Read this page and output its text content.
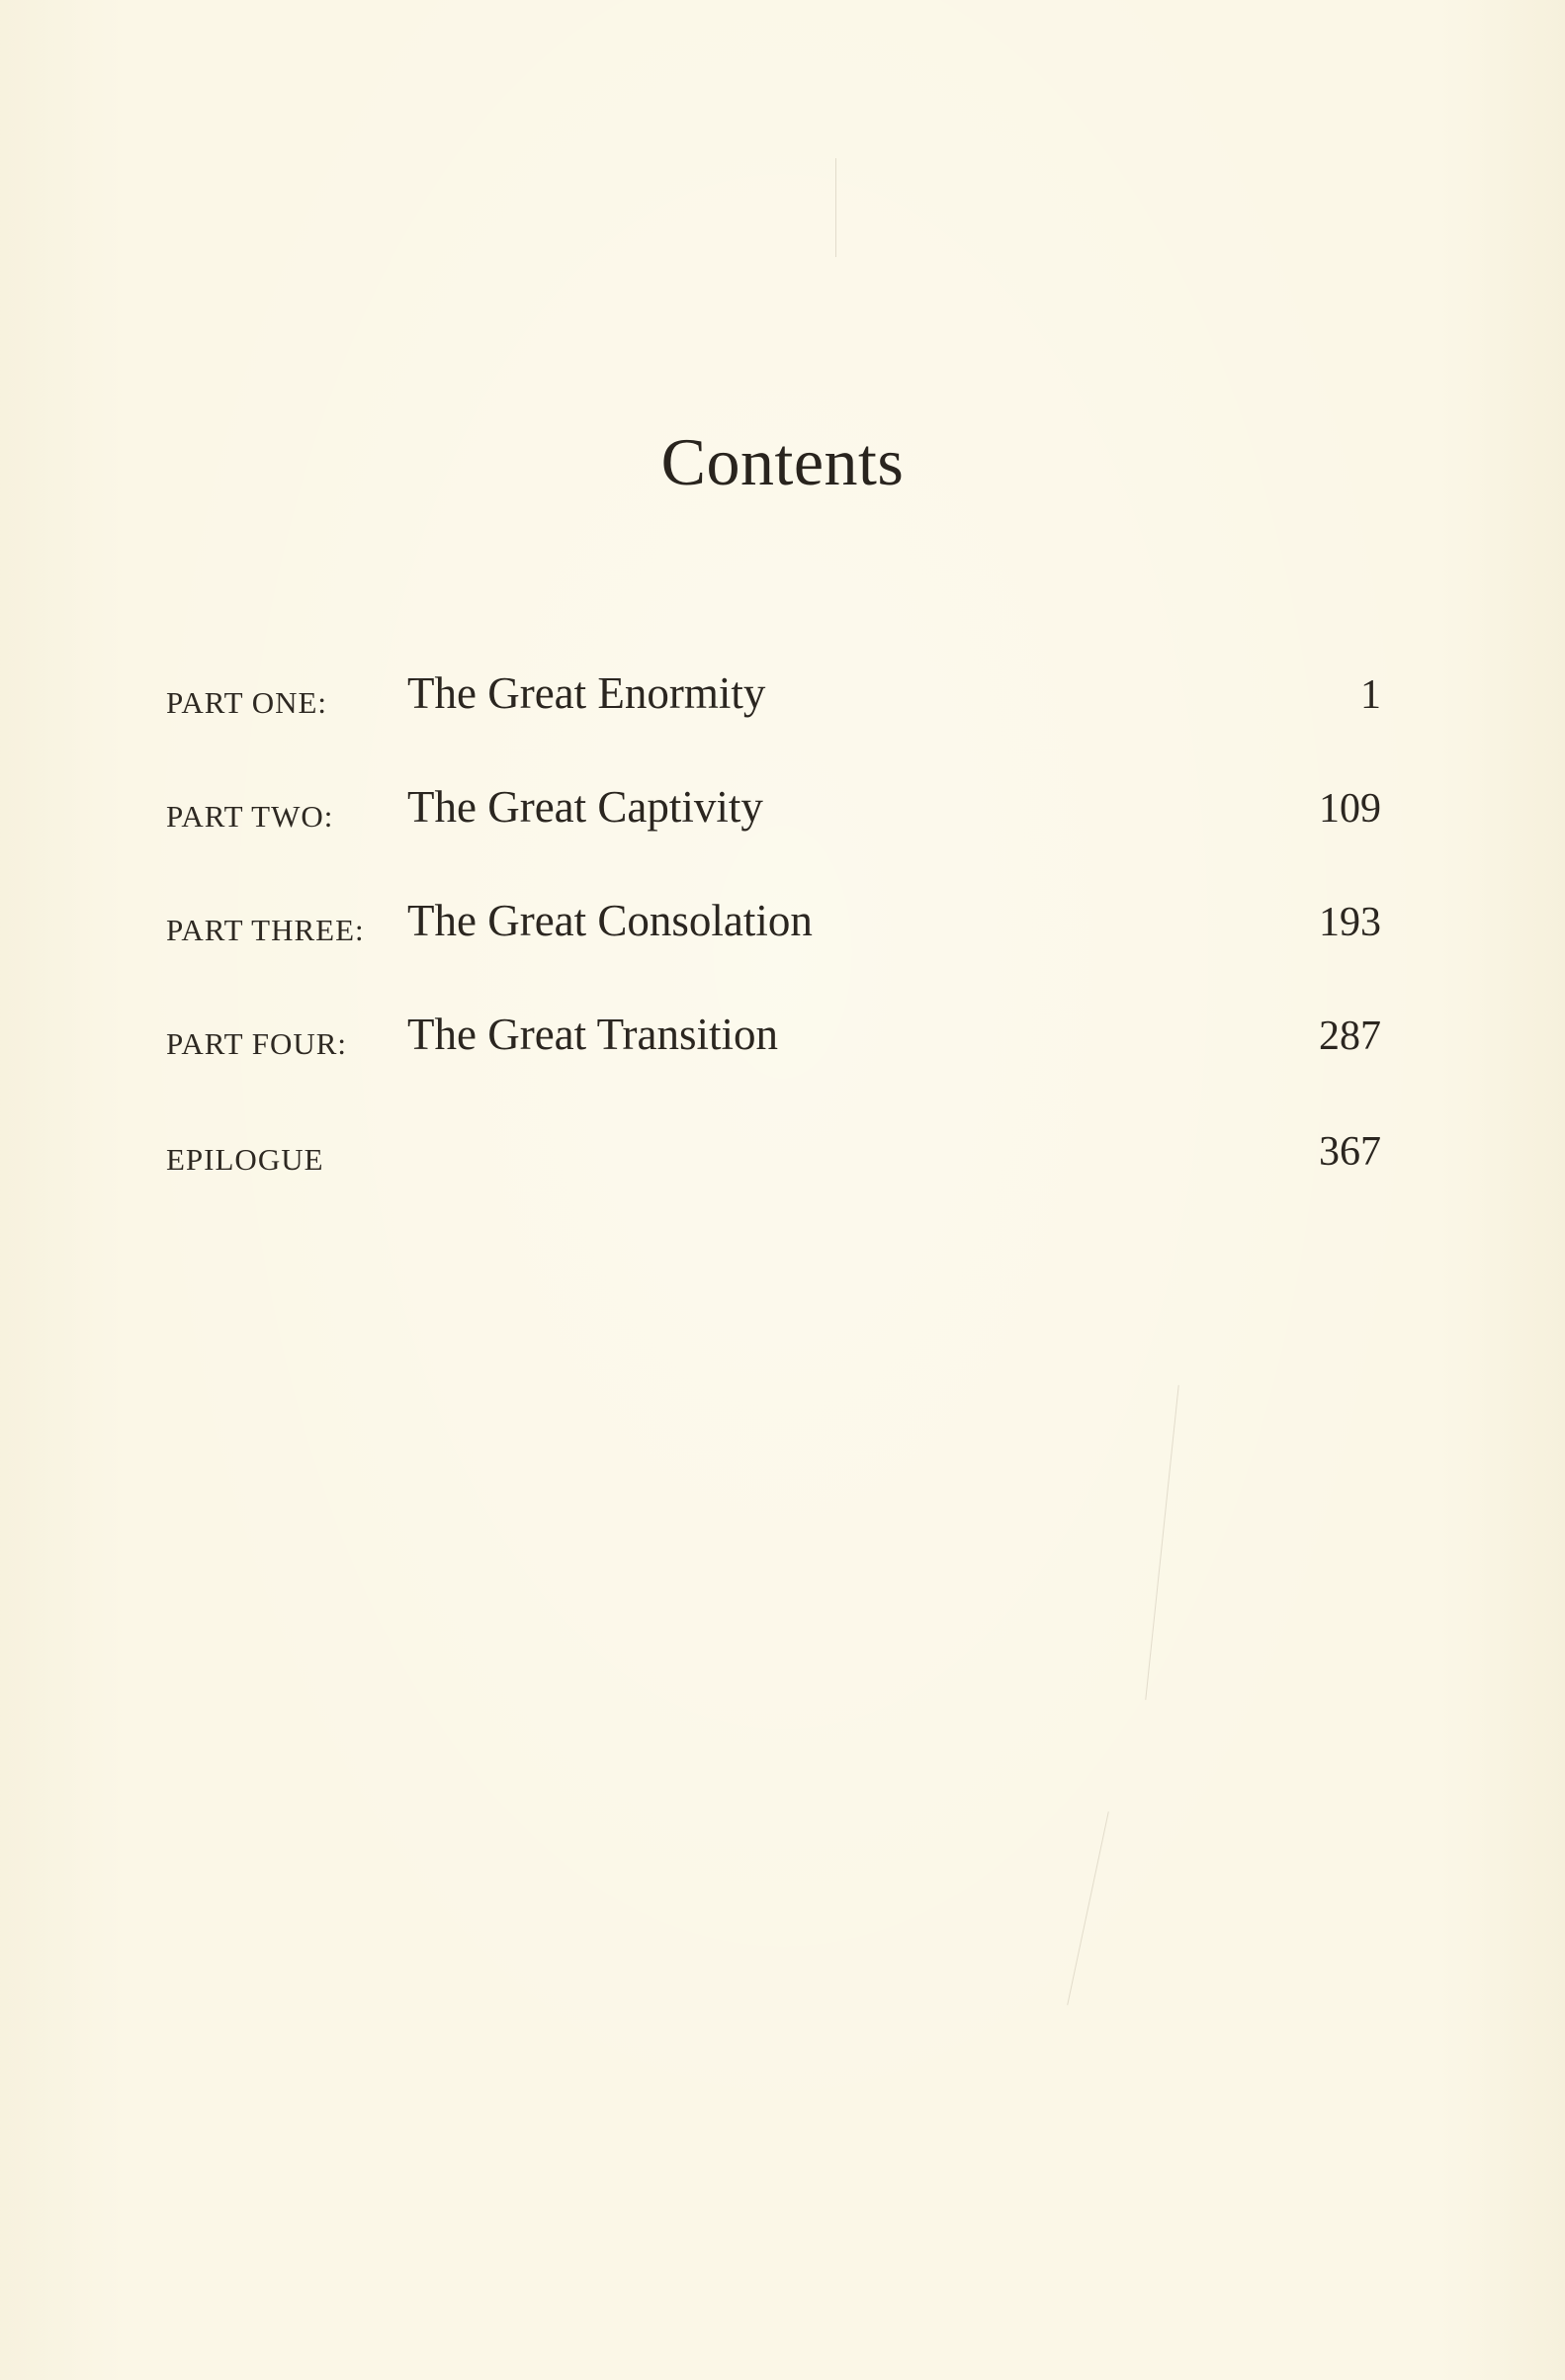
Contents
PART ONE: The Great Enormity	1
PART TWO: The Great Captivity	109
PART THREE: The Great Consolation	193
PART FOUR: The Great Transition	287
EPILOGUE	367
